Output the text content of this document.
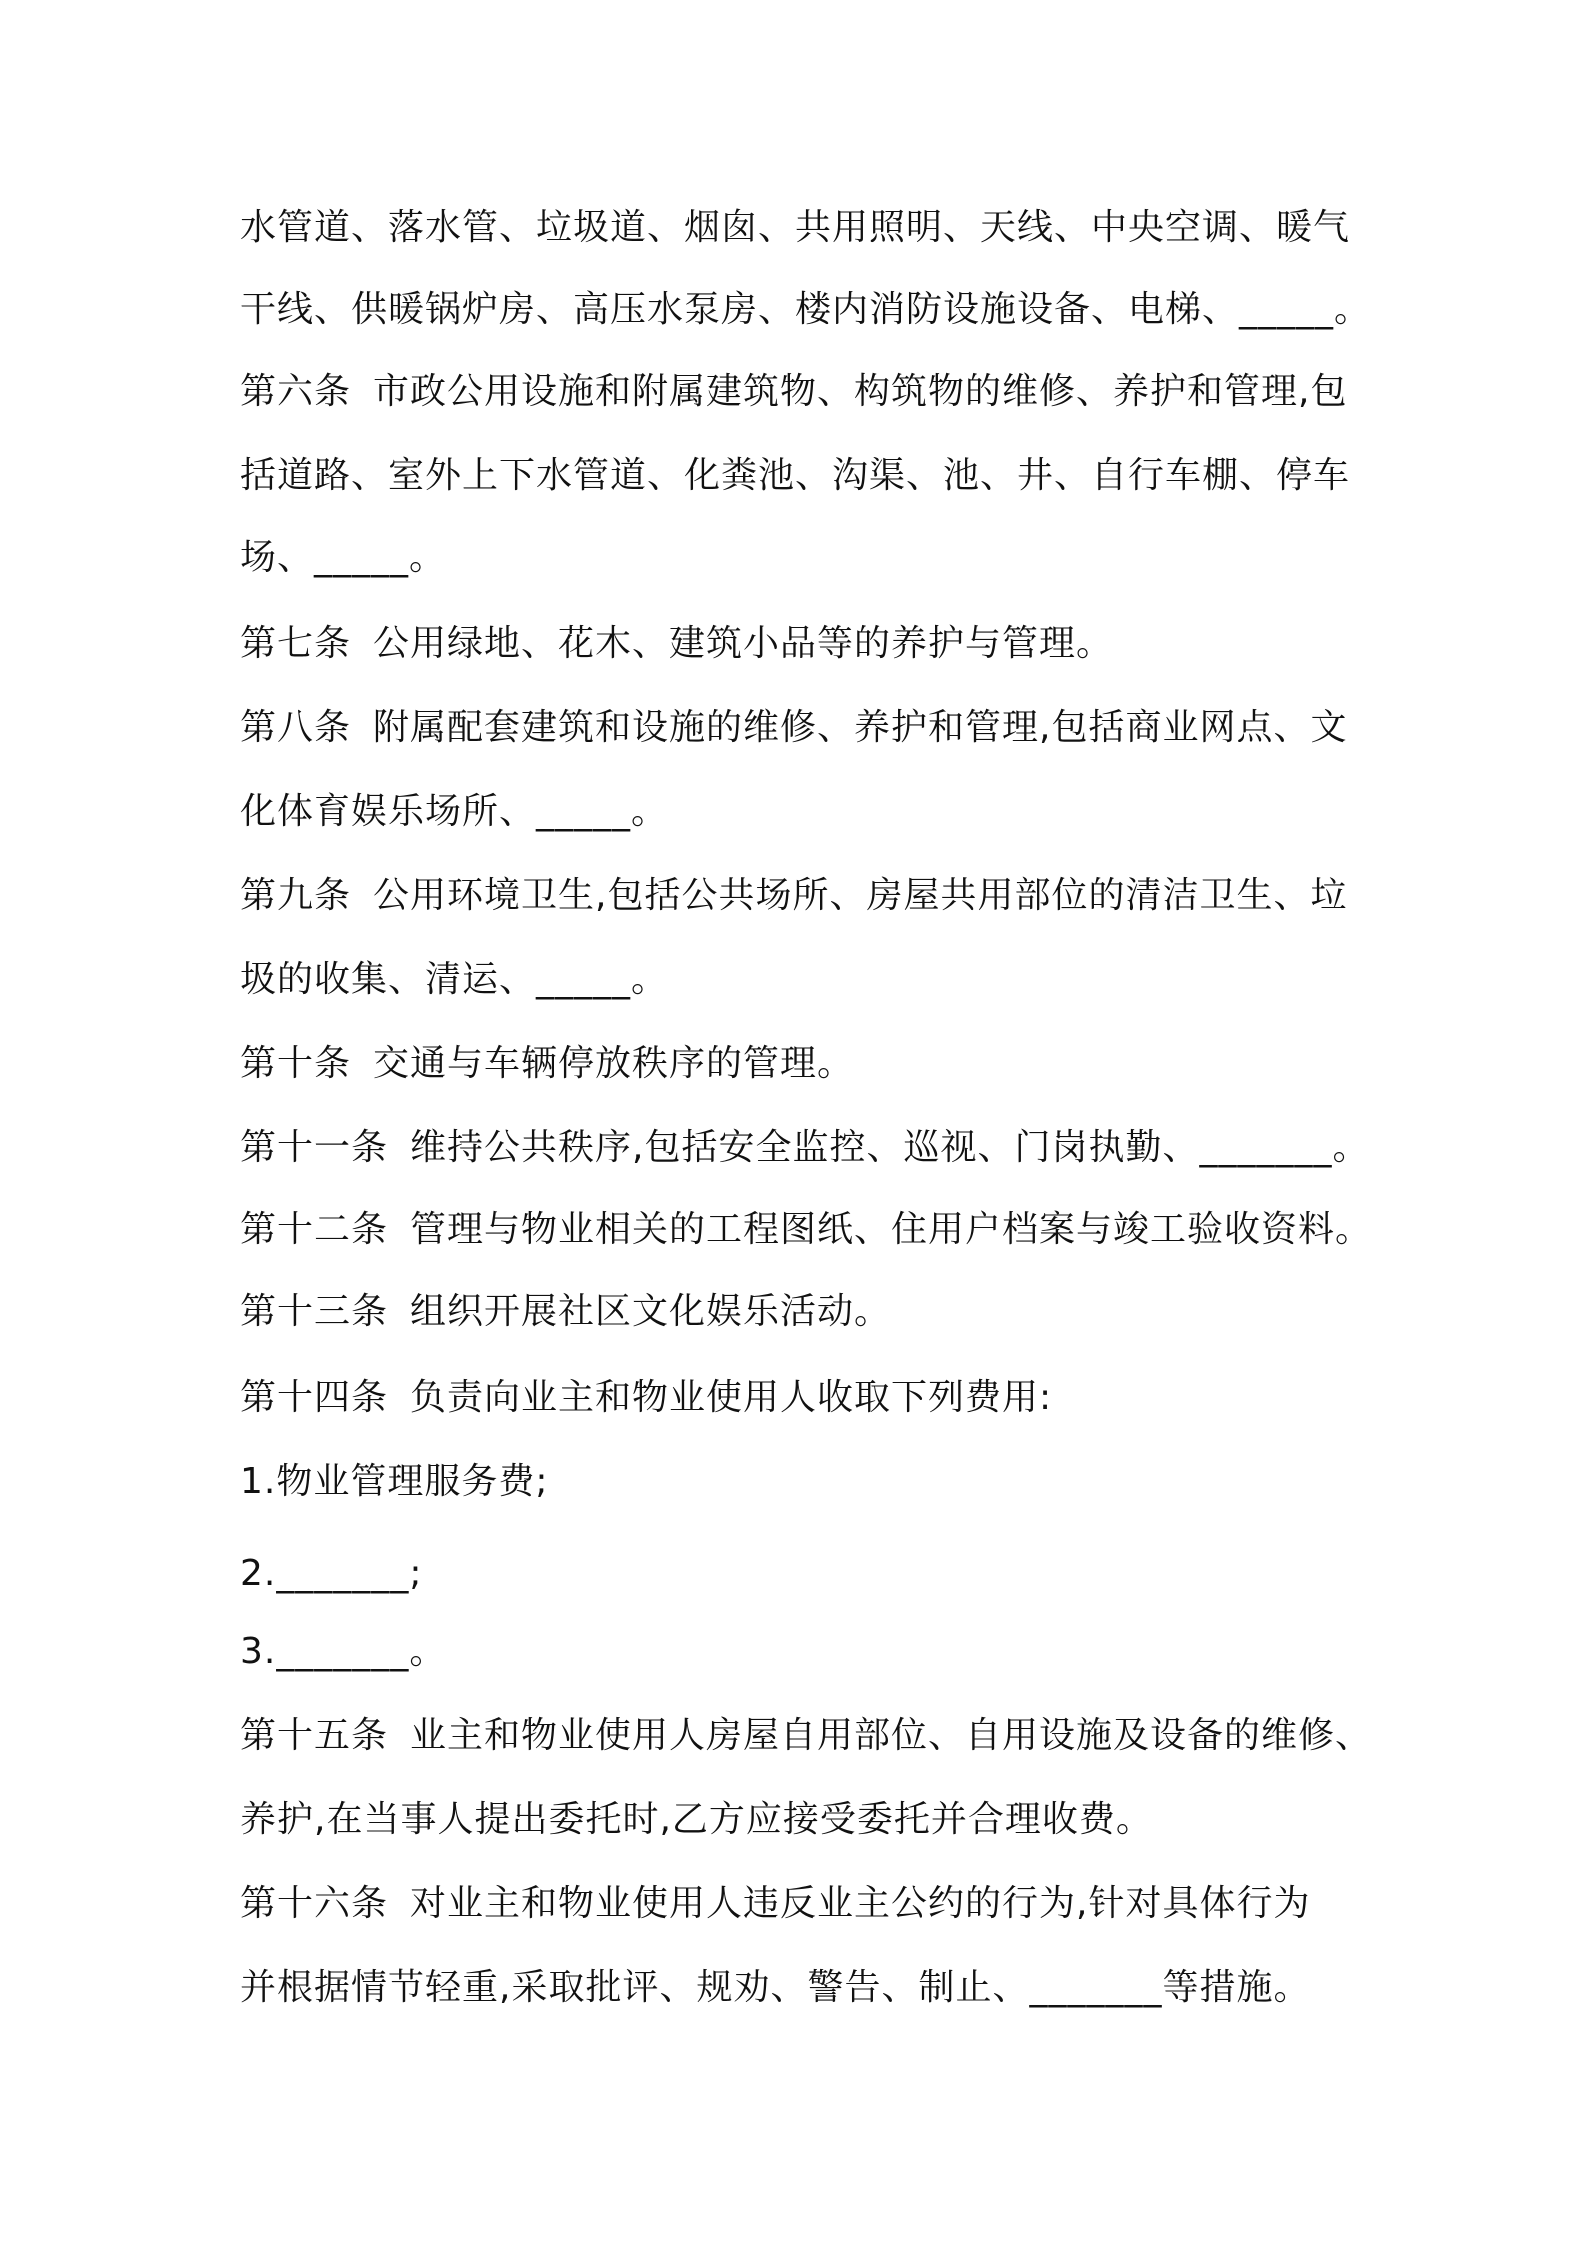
水管道、落水管、垃圾道、烟囱、共用照明、天线、中央空调、暖气
干线、供暖锅炉房、高压水泵房、楼内消防设施设备、电梯、_____。
第六条 市政公用设施和附属建筑物、构筑物的维修、养护和管理,包
括道路、室外上下水管道、化粪池、沟渠、池、井、自行车棚、停车
场、_____。
第七条 公用绿地、花木、建筑小品等的养护与管理。
第八条 附属配套建筑和设施的维修、养护和管理,包括商业网点、文
化体育娱乐场所、_____。
第九条 公用环境卫生,包括公共场所、房屋共用部位的清洁卫生、垃
圾的收集、清运、_____。
第十条 交通与车辆停放秩序的管理。
第十一条 维持公共秩序,包括安全监控、巡视、门岗执勤、_______。
第十二条 管理与物业相关的工程图纸、住用户档案与竣工验收资料。
第十三条 组织开展社区文化娱乐活动。
第十四条 负责向业主和物业使用人收取下列费用:
1.物业管理服务费;
2._______;
3._______。
第十五条 业主和物业使用人房屋自用部位、自用设施及设备的维修、
养护,在当事人提出委托时,乙方应接受委托并合理收费。
第十六条 对业主和物业使用人违反业主公约的行为,针对具体行为
并根据情节轻重,采取批评、规劝、警告、制止、_______等措施。
